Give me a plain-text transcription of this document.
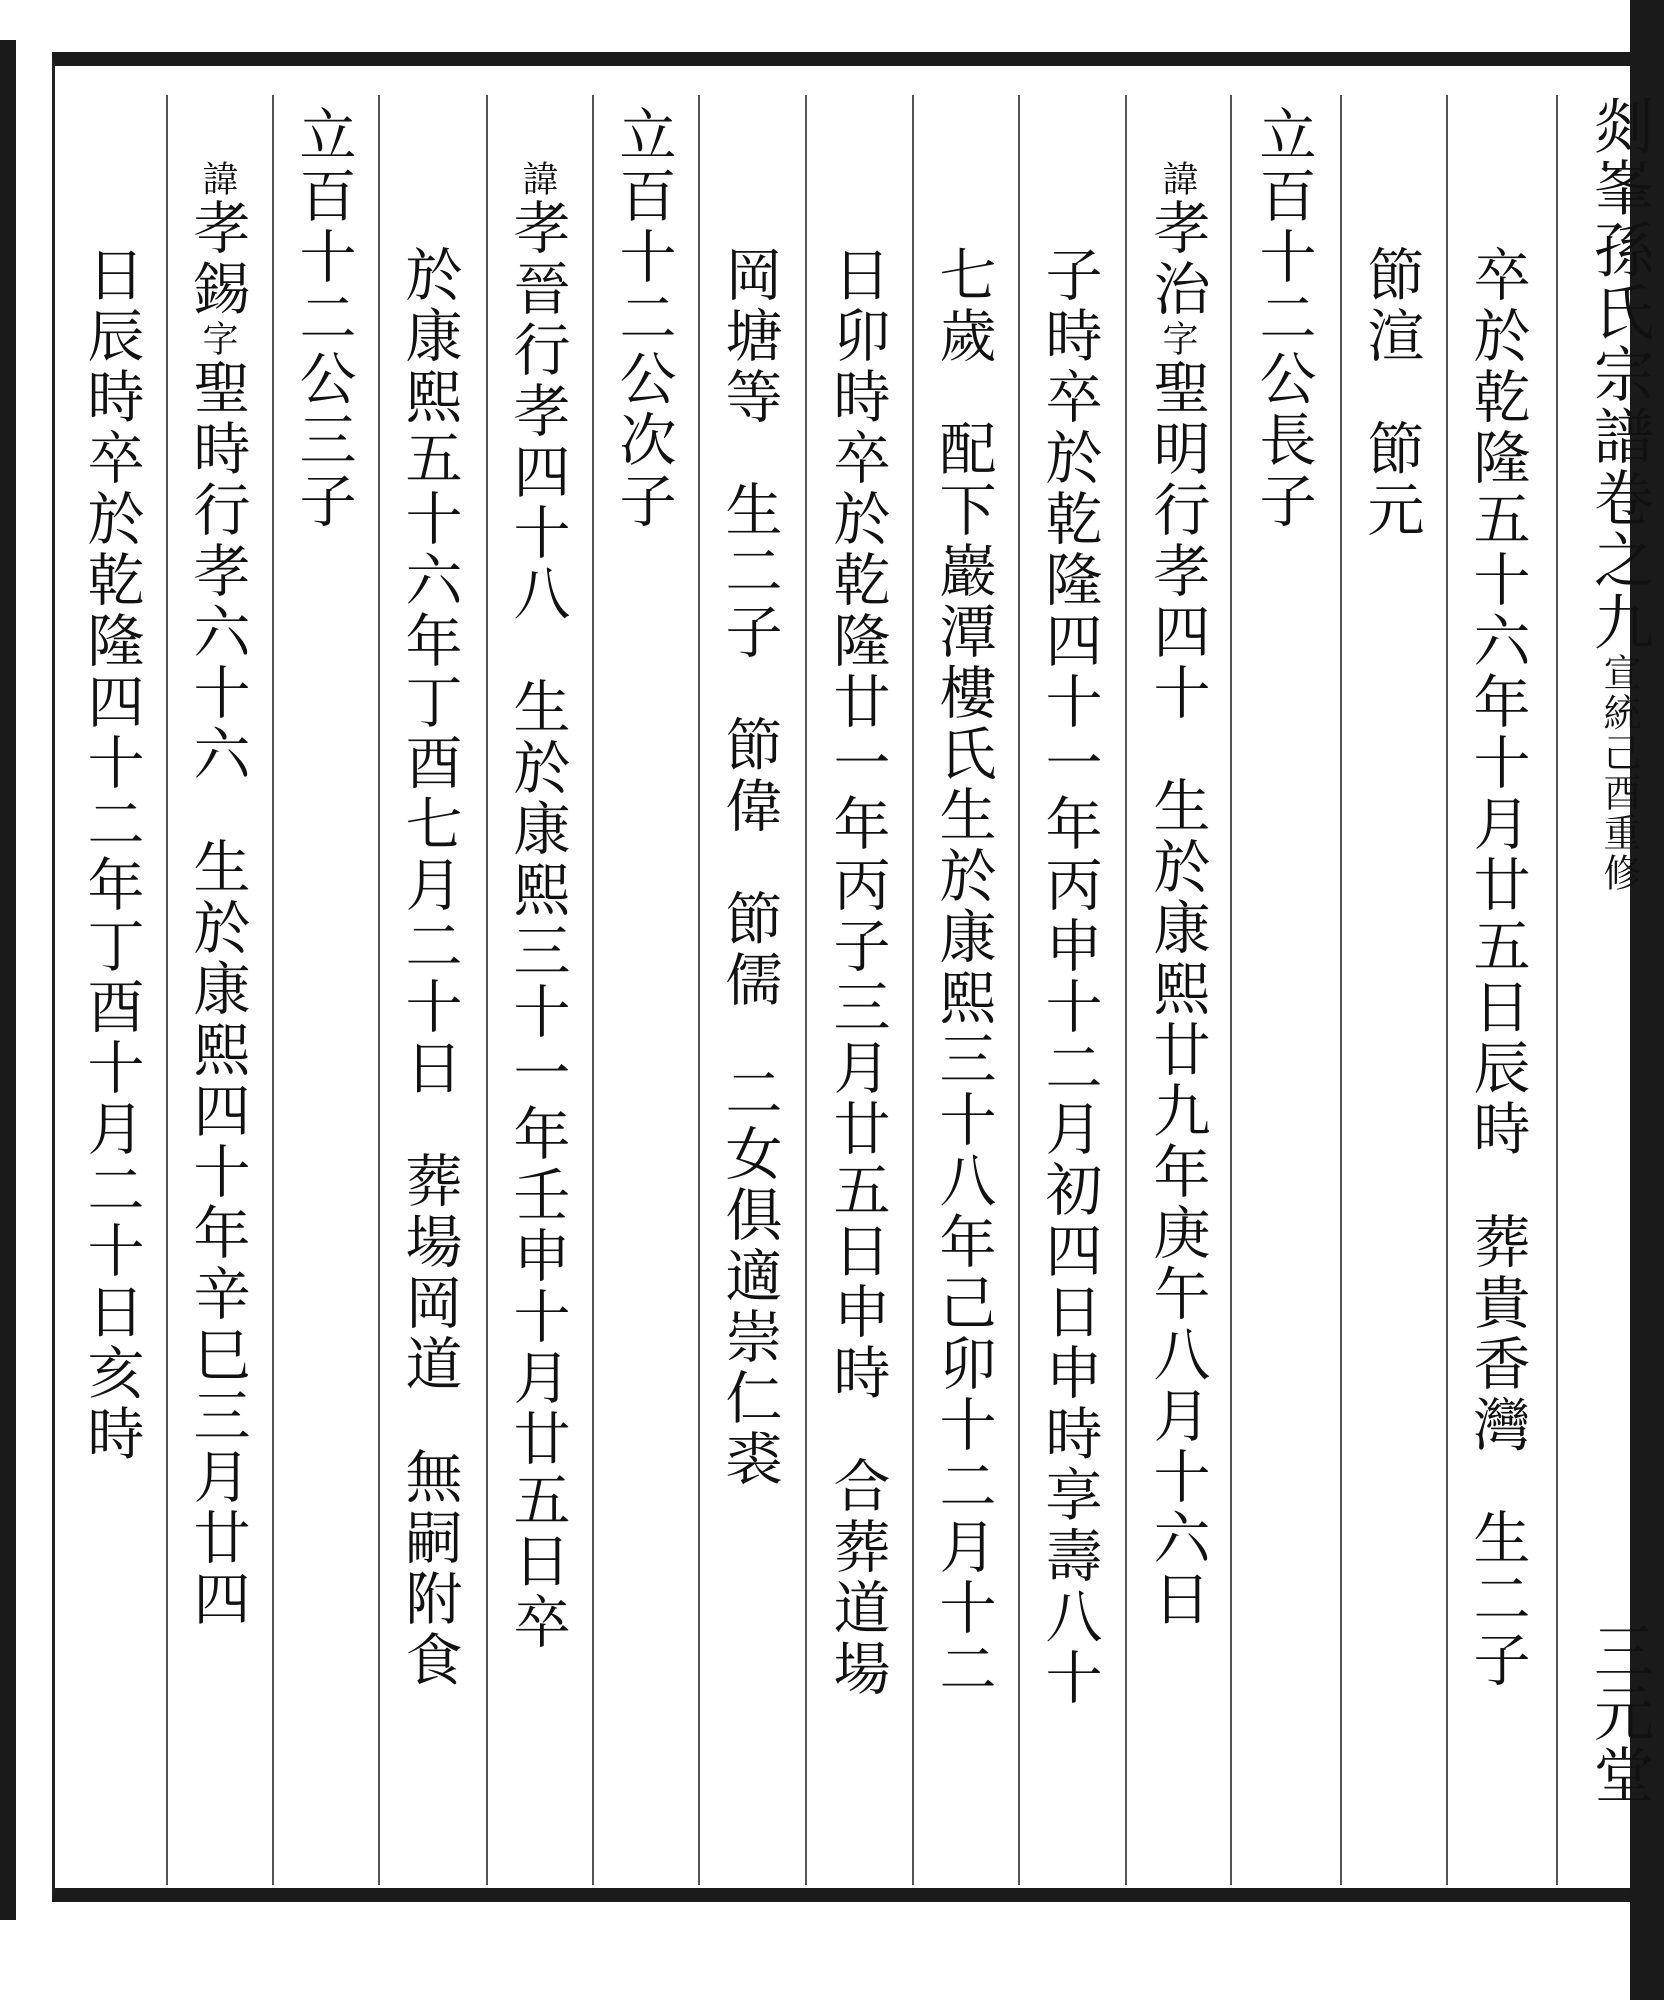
剡峯孫氏宗譜卷之九宣統己酉重修
三元堂
卒於乾隆五十六年十月廿五日辰時葬貴香灣生二子
節渲節元
立百十二公長子
諱孝治字聖明行孝四十生於康熙廿九年庚午八月十六日
子時卒於乾隆四十一年丙申十二月初四日申時享壽八十
七歲配下巖潭樓氏生於康熙三十八年己卯十二月十二
日卯時卒於乾隆廿一年丙子三月廿五日申時合葬道場
岡塘等生二子節偉節儒二女俱適崇仁裘
立百十二公次子
諱孝晉行孝四十八生於康熙三十一年壬申十月廿五日卒
於康熙五十六年丁酉七月二十日葬場岡道無嗣附食
立百十二公三子
諱孝錫字聖時行孝六十六生於康熙四十年辛巳三月廿四
日辰時卒於乾隆四十二年丁酉十月二十日亥時
